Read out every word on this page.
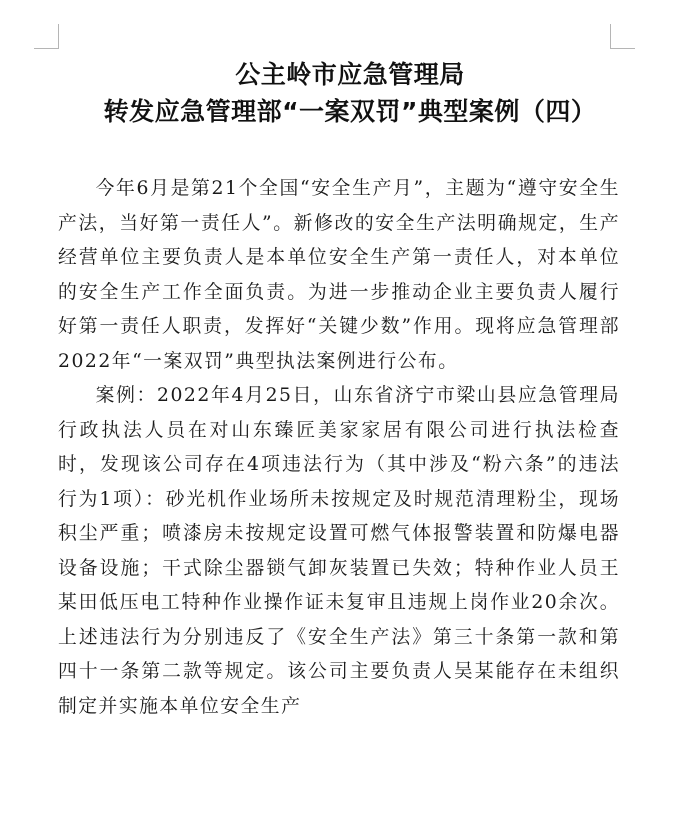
公主岭市应急管理局
转发应急管理部“一案双罚”典型案例（四）

今年6月是第21个全国“安全生产月”，主题为“遵守安全生产法，当好第一责任人”。新修改的安全生产法明确规定，生产经营单位主要负责人是本单位安全生产第一责任人，对本单位的安全生产工作全面负责。为进一步推动企业主要负责人履行好第一责任人职责，发挥好“关键少数”作用。现将应急管理部2022年“一案双罚”典型执法案例进行公布。

案例：2022年4月25日，山东省济宁市梁山县应急管理局行政执法人员在对山东臻匠美家家居有限公司进行执法检查时，发现该公司存在4项违法行为（其中涉及“粉六条”的违法行为1项）：砂光机作业场所未按规定及时规范清理粉尘，现场积尘严重；喷漆房未按规定设置可燃气体报警装置和防爆电器设备设施；干式除尘器锁气卸灰装置已失效；特种作业人员王某田低压电工特种作业操作证未复审且违规上岗作业20余次。上述违法行为分别违反了《安全生产法》第三十条第一款和第四十一条第二款等规定。该公司主要负责人吴某能存在未组织制定并实施本单位安全生产
